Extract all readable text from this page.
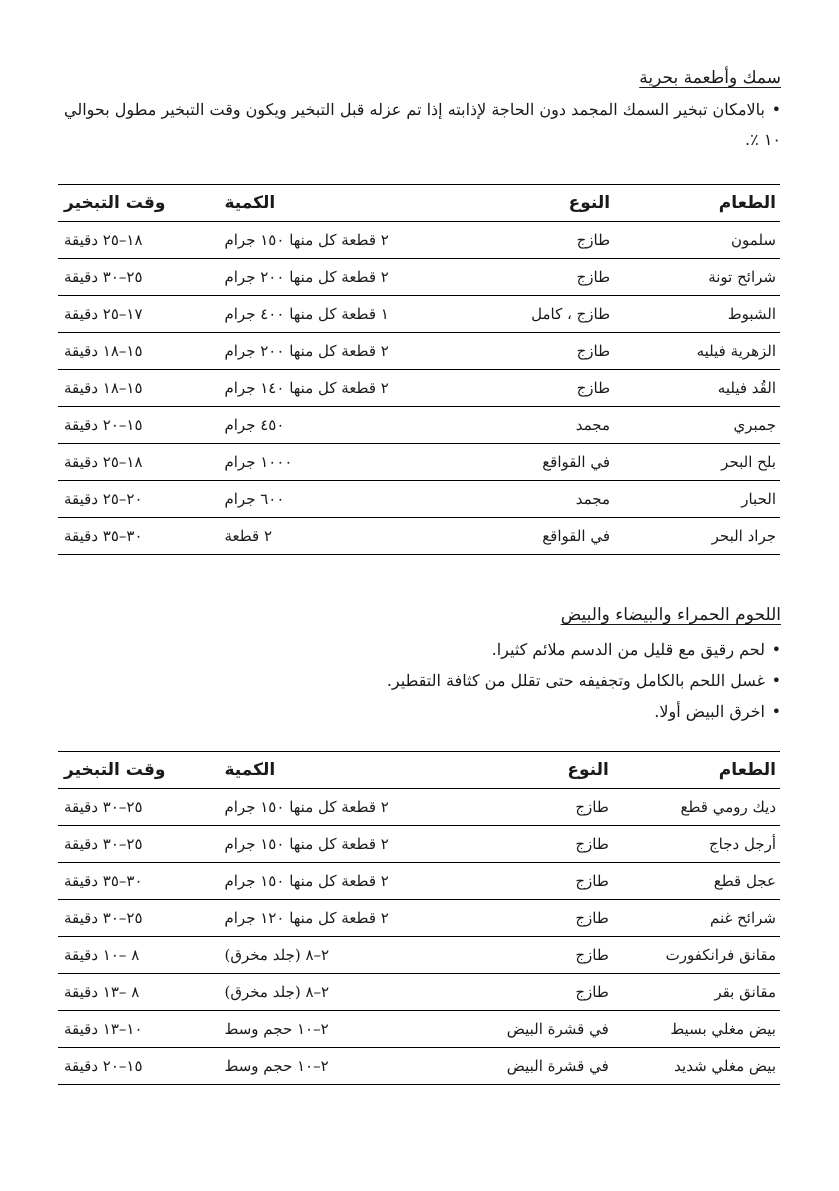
سمك وأطعمة بحرية
•بالامكان تبخير السمك المجمد دون الحاجة لإذابته إذا تم عزله قبل التبخير ويكون وقت التبخير مطول بحوالي ١٠ ٪.
الطعام	النوع	الكمية	وقت التبخير
سلمون	طازج	٢ قطعة كل منها ١٥٠ جرام	١٨–٢٥ دقيقة
شرائح تونة	طازج	٢ قطعة كل منها ٢٠٠ جرام	٢٥–٣٠ دقيقة
الشبوط	طازج ، كامل	١ قطعة كل منها ٤٠٠ جرام	١٧–٢٥ دقيقة
الزهرية فيليه	طازج	٢ قطعة كل منها ٢٠٠ جرام	١٥–١٨ دقيقة
القُد فيليه	طازج	٢ قطعة كل منها ١٤٠ جرام	١٥–١٨ دقيقة
جمبري	مجمد	٤٥٠ جرام	١٥–٢٠ دقيقة
بلح البحر	في القواقع	١٠٠٠ جرام	١٨–٢٥ دقيقة
الحبار	مجمد	٦٠٠ جرام	٢٠–٢٥ دقيقة
جراد البحر	في القواقع	٢ قطعة	٣٠–٣٥ دقيقة
اللحوم الحمراء والبيضاء والبيض
•لحم رقيق مع قليل من الدسم ملائم كثيرا.
•غسل اللحم بالكامل وتجفيفه حتى تقلل من كثافة التقطير.
•اخرق البيض أولا.
الطعام	النوع	الكمية	وقت التبخير
ديك رومي قطع	طازج	٢ قطعة كل منها ١٥٠ جرام	٢٥–٣٠ دقيقة
أرجل دجاج	طازج	٢ قطعة كل منها ١٥٠ جرام	٢٥–٣٠ دقيقة
عجل قطع	طازج	٢ قطعة كل منها ١٥٠ جرام	٣٠–٣٥ دقيقة
شرائح غنم	طازج	٢ قطعة كل منها ١٢٠ جرام	٢٥–٣٠ دقيقة
مقانق فرانكفورت	طازج	٢–٨ (جلد مخرق)	٨ –١٠ دقيقة
مقانق بقر	طازج	٢–٨ (جلد مخرق)	٨ –١٣ دقيقة
بيض مغلي بسيط	في قشرة البيض	٢–١٠ حجم وسط	١٠–١٣ دقيقة
بيض مغلي شديد	في قشرة البيض	٢–١٠ حجم وسط	١٥–٢٠ دقيقة
